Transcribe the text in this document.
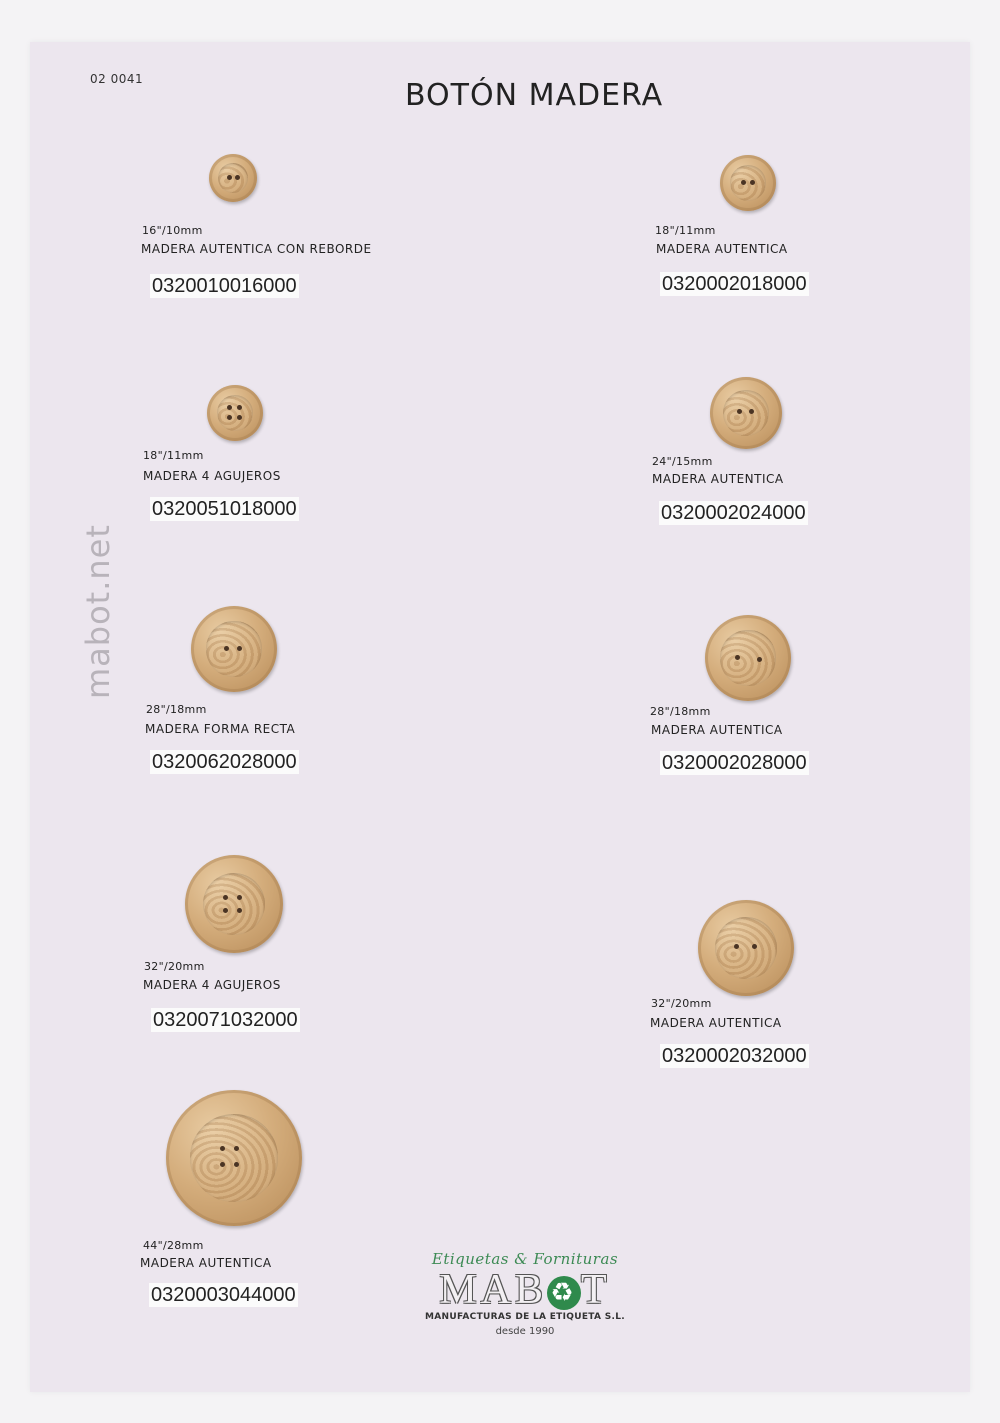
02 0041	BOTÓN MADERA
mabot.net
16"/10mm
MADERA AUTENTICA CON REBORDE
0320010016000
18"/11mm
MADERA AUTENTICA
0320002018000
18"/11mm
MADERA 4 AGUJEROS
0320051018000
24"/15mm
MADERA AUTENTICA
0320002024000
28"/18mm
MADERA FORMA RECTA
0320062028000
28"/18mm
MADERA AUTENTICA
0320002028000
32"/20mm
MADERA 4 AGUJEROS
0320071032000
32"/20mm
MADERA AUTENTICA
0320002032000
44"/28mm
MADERA AUTENTICA
0320003044000
Etiquetas & Fornituras
MAB ♻T
MANUFACTURAS DE LA ETIQUETA S.L.
desde 1990
